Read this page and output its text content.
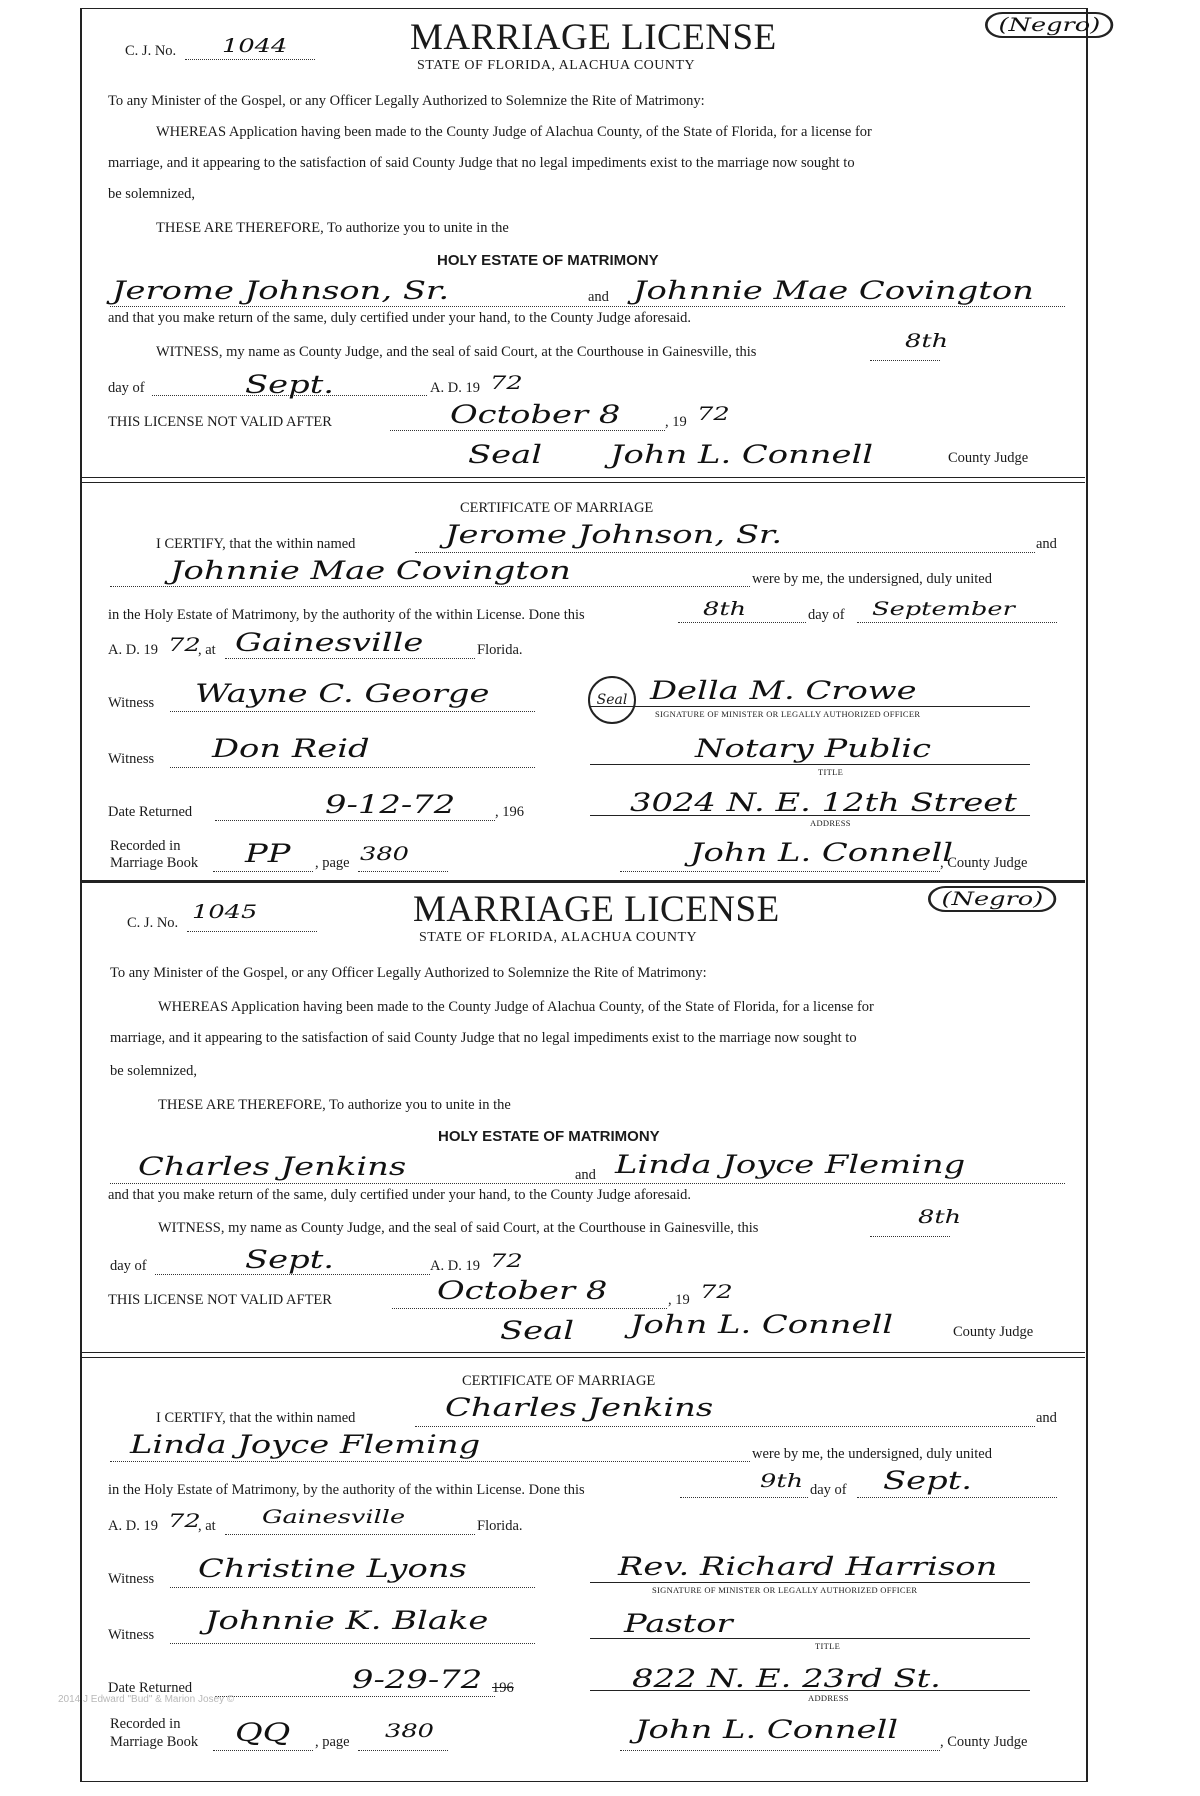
C. J. No. 1044	MARRIAGE LICENSE
STATE OF FLORIDA, ALACHUA COUNTY
(Negro)
To any Minister of the Gospel, or any Officer Legally Authorized to Solemnize the Rite of Matrimony:
WHEREAS Application having been made to the County Judge of Alachua County, of the State of Florida, for a license for
marriage, and it appearing to the satisfaction of said County Judge that no legal impediments exist to the marriage now sought to
be solemnized,
THESE ARE THEREFORE, To authorize you to unite in the
HOLY ESTATE OF MATRIMONY
Jerome Johnson, Sr.	and Johnnie Mae Covington
and that you make return of the same, duly certified under your hand, to the County Judge aforesaid.
WITNESS, my name as County Judge, and the seal of said Court, at the Courthouse in Gainesville, this	8th
day of	Sept.	A. D. 19 72
THIS LICENSE NOT VALID AFTER	October 8	, 19 72
Seal	John L. Connell	County Judge
CERTIFICATE OF MARRIAGE
I CERTIFY, that the within named	Jerome Johnson, Sr.	and
Johnnie Mae Covington	were by me, the undersigned, duly united
in the Holy Estate of Matrimony, by the authority of the within License. Done this	8th	day of September
A. D. 19 72
, at Gainesville	Florida.
Witness Wayne C. George	Seal Della M. Crowe
SIGNATURE OF MINISTER OR LEGALLY AUTHORIZED OFFICER
Witness Don Reid	Notary Public
TITLE
Date Returned	9-12-72	, 196	3024 N. E. 12th Street
ADDRESS
Recorded in
Marriage Book PP , page 380	John L. Connell
, County Judge
C. J. No. 1045	MARRIAGE LICENSE
STATE OF FLORIDA, ALACHUA COUNTY
(Negro)
To any Minister of the Gospel, or any Officer Legally Authorized to Solemnize the Rite of Matrimony:
WHEREAS Application having been made to the County Judge of Alachua County, of the State of Florida, for a license for
marriage, and it appearing to the satisfaction of said County Judge that no legal impediments exist to the marriage now sought to
be solemnized,
THESE ARE THEREFORE, To authorize you to unite in the
HOLY ESTATE OF MATRIMONY
Charles Jenkins	and Linda Joyce Fleming
and that you make return of the same, duly certified under your hand, to the County Judge aforesaid.
WITNESS, my name as County Judge, and the seal of said Court, at the Courthouse in Gainesville, this	8th
day of	Sept.	A. D. 19 72
THIS LICENSE NOT VALID AFTER	October 8	, 19 72
Seal John L. Connell	County Judge
CERTIFICATE OF MARRIAGE
I CERTIFY, that the within named	Charles Jenkins	and
Linda Joyce Fleming	were by me, the undersigned, duly united
in the Holy Estate of Matrimony, by the authority of the within License. Done this	9th day of Sept.
A. D. 19 72
, at Gainesville	Florida.
Witness Christine Lyons	Rev. Richard Harrison
SIGNATURE OF MINISTER OR LEGALLY AUTHORIZED OFFICER
Witness Johnnie K. Blake	Pastor
TITLE
Date Returned	9-29-72 196	822 N. E. 23rd St.
ADDRESS
Recorded in
Marriage Book QQ , page 380	John L. Connell	, County Judge
2014 J Edward "Bud" & Marion Josey ©
